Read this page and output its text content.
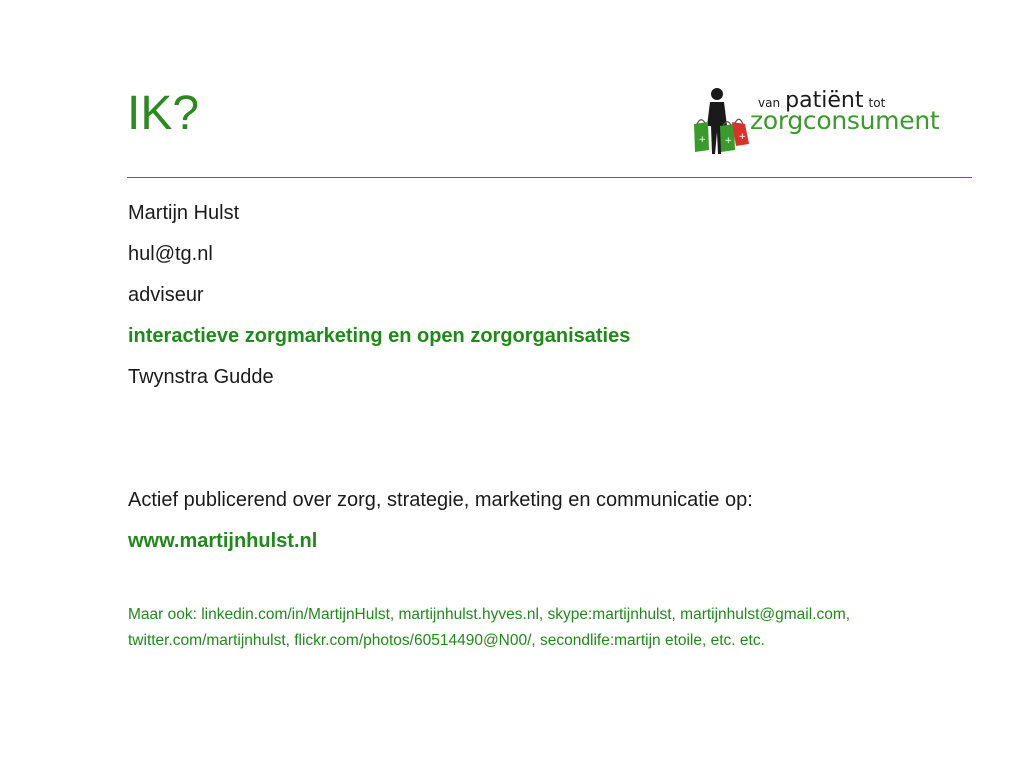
IK?	+ + +
van patiënt tot
zorgconsument
Martijn Hulst
hul@tg.nl
adviseur
interactieve zorgmarketing en open zorgorganisaties
Twynstra Gudde
Actief publicerend over zorg, strategie, marketing en communicatie op:
www.martijnhulst.nl
Maar ook: linkedin.com/in/MartijnHulst, martijnhulst.hyves.nl, skype:martijnhulst, martijnhulst@gmail.com,
twitter.com/martijnhulst, flickr.com/photos/60514490@N00/, secondlife:martijn etoile, etc. etc.
